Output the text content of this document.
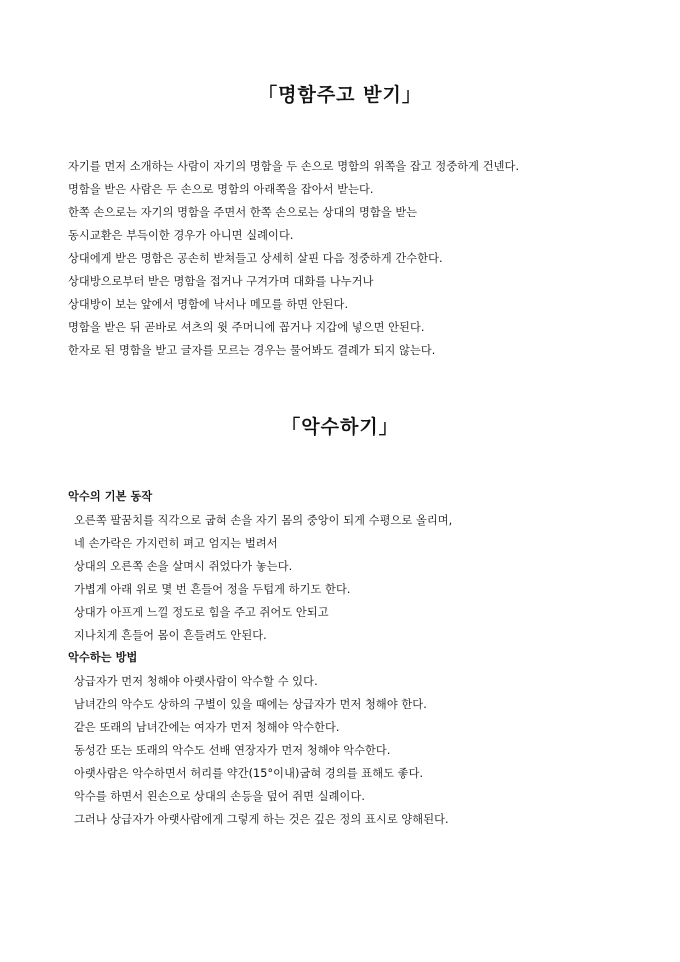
「명함주고 받기」
자기를 먼저 소개하는 사람이 자기의 명함을 두 손으로 명함의 위쪽을 잡고 정중하게 건넨다.
명함을 받은 사람은 두 손으로 명함의 아래쪽을 잡아서 받는다.
한쪽 손으로는 자기의 명함을 주면서 한쪽 손으로는 상대의 명함을 받는
동시교환은 부득이한 경우가 아니면 실례이다.
상대에게 받은 명함은 공손히 받쳐들고 상세히 살핀 다음 정중하게 간수한다.
상대방으로부터 받은 명함을 접거나 구겨가며 대화를 나누거나
상대방이 보는 앞에서 명함에 낙서나 메모를 하면 안된다.
명함을 받은 뒤 곧바로 셔츠의 윗 주머니에 꼽거나 지갑에 넣으면 안된다.
한자로 된 명함을 받고 글자를 모르는 경우는 물어봐도 결례가 되지 않는다.
「악수하기」
악수의 기본 동작
오른쪽 팔꿈치를 직각으로 굽혀 손을 자기 몸의 중앙이 되게 수평으로 올리며,
네 손가락은 가지런히 펴고 엄지는 벌려서
상대의 오른쪽 손을 살며시 쥐었다가 놓는다.
가볍게 아래 위로 몇 번 흔들어 정을 두텁게 하기도 한다.
상대가 아프게 느낄 정도로 힘을 주고 쥐어도 안되고
지나치게 흔들어 몸이 흔들려도 안된다.
악수하는 방법
상급자가 먼저 청해야 아랫사람이 악수할 수 있다.
남녀간의 악수도 상하의 구별이 있을 때에는 상급자가 먼저 청해야 한다.
같은 또래의 남녀간에는 여자가 먼저 청해야 악수한다.
동성간 또는 또래의 악수도 선배 연장자가 먼저 청해야 악수한다.
아랫사람은 악수하면서 허리를 약간(15°이내)굽혀 경의를 표해도 좋다.
악수를 하면서 왼손으로 상대의 손등을 덮어 쥐면 실례이다.
그러나 상급자가 아랫사람에게 그렇게 하는 것은 깊은 정의 표시로 양해된다.
